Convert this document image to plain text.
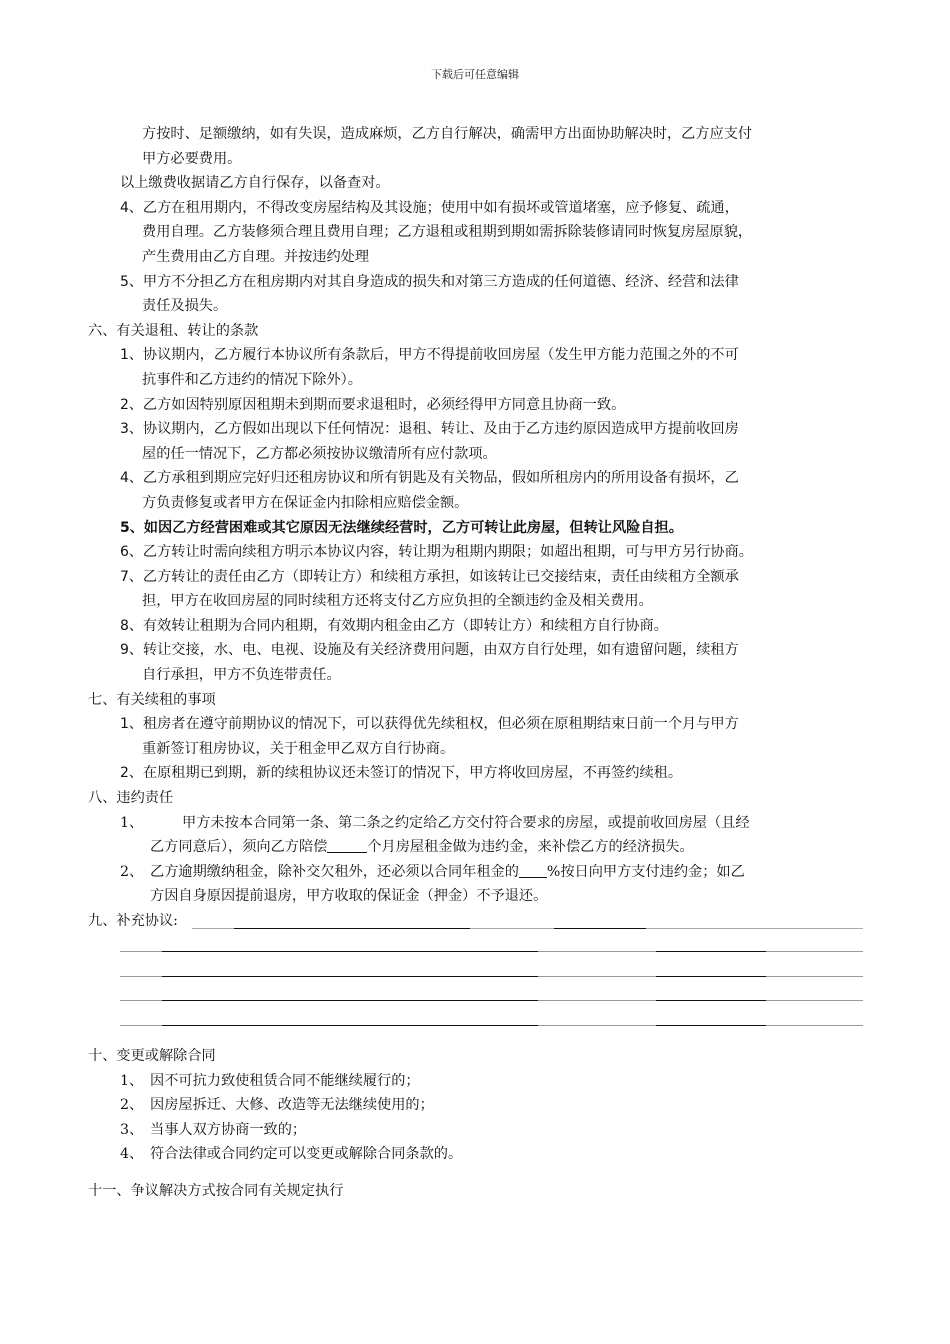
下载后可任意编辑
方按时、足额缴纳，如有失误，造成麻烦，乙方自行解决，确需甲方出面协助解决时，乙方应支付
甲方必要费用。
以上缴费收据请乙方自行保存，以备查对。
4、乙方在租用期内，不得改变房屋结构及其设施；使用中如有损坏或管道堵塞，应予修复、疏通，
费用自理。乙方装修须合理且费用自理；乙方退租或租期到期如需拆除装修请同时恢复房屋原貌，
产生费用由乙方自理。并按违约处理
5、甲方不分担乙方在租房期内对其自身造成的损失和对第三方造成的任何道德、经济、经营和法律
责任及损失。
六、有关退租、转让的条款
1、协议期内，乙方履行本协议所有条款后，甲方不得提前收回房屋（发生甲方能力范围之外的不可
抗事件和乙方违约的情况下除外）。
2、乙方如因特别原因租期未到期而要求退租时，必须经得甲方同意且协商一致。
3、协议期内，乙方假如出现以下任何情况：退租、转让、及由于乙方违约原因造成甲方提前收回房
屋的任一情况下，乙方都必须按协议缴清所有应付款项。
4、乙方承租到期应完好归还租房协议和所有钥匙及有关物品，假如所租房内的所用设备有损坏，乙
方负责修复或者甲方在保证金内扣除相应赔偿金额。
5、如因乙方经营困难或其它原因无法继续经营时，乙方可转让此房屋，但转让风险自担。
6、乙方转让时需向续租方明示本协议内容，转让期为租期内期限；如超出租期，可与甲方另行协商。
7、乙方转让的责任由乙方（即转让方）和续租方承担，如该转让已交接结束，责任由续租方全额承
担，甲方在收回房屋的同时续租方还将支付乙方应负担的全额违约金及相关费用。
8、有效转让租期为合同内租期，有效期内租金由乙方（即转让方）和续租方自行协商。
9、转让交接，水、电、电视、设施及有关经济费用问题，由双方自行处理，如有遗留问题，续租方
自行承担，甲方不负连带责任。
七、有关续租的事项
1、租房者在遵守前期协议的情况下，可以获得优先续租权，但必须在原租期结束日前一个月与甲方
重新签订租房协议，关于租金甲乙双方自行协商。
2、在原租期已到期，新的续租协议还未签订的情况下，甲方将收回房屋，不再签约续租。
八、违约责任
1、	甲方未按本合同第一条、第二条之约定给乙方交付符合要求的房屋，或提前收回房屋（且经
乙方同意后），须向乙方陪偿	个月房屋租金做为违约金，来补偿乙方的经济损失。
2、 乙方逾期缴纳租金，除补交欠租外，还必须以合同年租金的 %按日向甲方支付违约金；如乙
方因自身原因提前退房，甲方收取的保证金（押金）不予退还。
九、补充协议:
十、变更或解除合同
1、 因不可抗力致使租赁合同不能继续履行的；
2、 因房屋拆迁、大修、改造等无法继续使用的；
3、 当事人双方协商一致的；
4、 符合法律或合同约定可以变更或解除合同条款的。
十一、争议解决方式按合同有关规定执行
